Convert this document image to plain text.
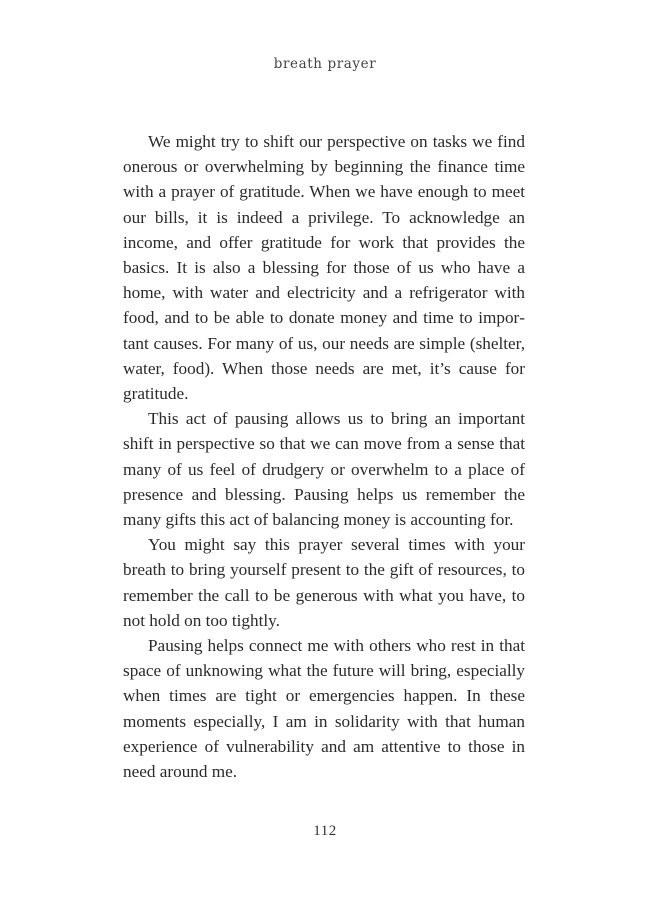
breath prayer

We might try to shift our perspective on tasks we find onerous or overwhelming by beginning the finance time with a prayer of gratitude. When we have enough to meet our bills, it is indeed a privilege. To acknowledge an income, and offer gratitude for work that provides the basics. It is also a blessing for those of us who have a home, with water and electricity and a refrigerator with food, and to be able to donate money and time to important causes. For many of us, our needs are simple (shelter, water, food). When those needs are met, it’s cause for gratitude.

This act of pausing allows us to bring an important shift in perspective so that we can move from a sense that many of us feel of drudgery or overwhelm to a place of presence and blessing. Pausing helps us remember the many gifts this act of balancing money is accounting for.

You might say this prayer several times with your breath to bring yourself present to the gift of resources, to remember the call to be generous with what you have, to not hold on too tightly.

Pausing helps connect me with others who rest in that space of unknowing what the future will bring, especially when times are tight or emergencies happen. In these moments especially, I am in solidarity with that human experience of vulnerability and am attentive to those in need around me.

112
